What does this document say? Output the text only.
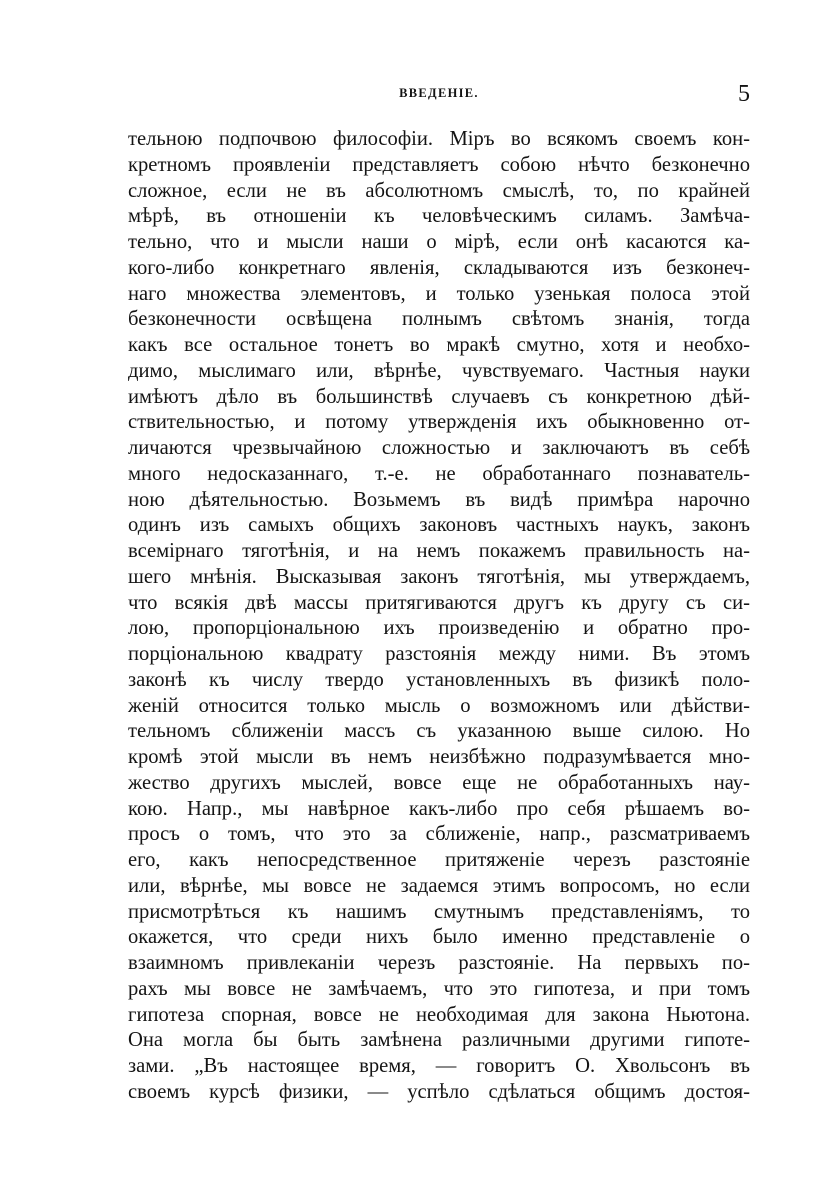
ВВЕДЕНІЕ.	5
тельною подпочвою философіи. Міръ во всякомъ своемъ кон-
кретномъ проявленіи представляетъ собою нѣчто безконечно
сложное, если не въ абсолютномъ смыслѣ, то, по крайней
мѣрѣ, въ отношеніи къ человѣческимъ силамъ. Замѣча-
тельно, что и мысли наши о мірѣ, если онѣ касаются ка-
кого-либо конкретнаго явленія, складываются изъ безконеч-
наго множества элементовъ, и только узенькая полоса этой
безконечности освѣщена полнымъ свѣтомъ знанія, тогда
какъ все остальное тонетъ во мракѣ смутно, хотя и необхо-
димо, мыслимаго или, вѣрнѣе, чувствуемаго. Частныя науки
имѣютъ дѣло въ большинствѣ случаевъ съ конкретною дѣй-
ствительностью, и потому утвержденія ихъ обыкновенно от-
личаются чрезвычайною сложностью и заключаютъ въ себѣ
много недосказаннаго, т.-е. не обработаннаго познаватель-
ною дѣятельностью. Возьмемъ въ видѣ примѣра нарочно
одинъ изъ самыхъ общихъ законовъ частныхъ наукъ, законъ
всемірнаго тяготѣнія, и на немъ покажемъ правильность на-
шего мнѣнія. Высказывая законъ тяготѣнія, мы утверждаемъ,
что всякія двѣ массы притягиваются другъ къ другу съ си-
лою, пропорціональною ихъ произведенію и обратно про-
порціональною квадрату разстоянія между ними. Въ этомъ
законѣ къ числу твердо установленныхъ въ физикѣ поло-
женій относится только мысль о возможномъ или дѣйстви-
тельномъ сближеніи массъ съ указанною выше силою. Но
кромѣ этой мысли въ немъ неизбѣжно подразумѣвается мно-
жество другихъ мыслей, вовсе еще не обработанныхъ нау-
кою. Напр., мы навѣрное какъ-либо про себя рѣшаемъ во-
просъ о томъ, что это за сближеніе, напр., разсматриваемъ
его, какъ непосредственное притяженіе черезъ разстояніе
или, вѣрнѣе, мы вовсе не задаемся этимъ вопросомъ, но если
присмотрѣться къ нашимъ смутнымъ представленіямъ, то
окажется, что среди нихъ было именно представленіе о
взаимномъ привлеканіи черезъ разстояніе. На первыхъ по-
рахъ мы вовсе не замѣчаемъ, что это гипотеза, и при томъ
гипотеза спорная, вовсе не необходимая для закона Ньютона.
Она могла бы быть замѣнена различными другими гипоте-
зами. „Въ настоящее время, — говоритъ О. Хвольсонъ въ
своемъ курсѣ физики, — успѣло сдѣлаться общимъ достоя-
